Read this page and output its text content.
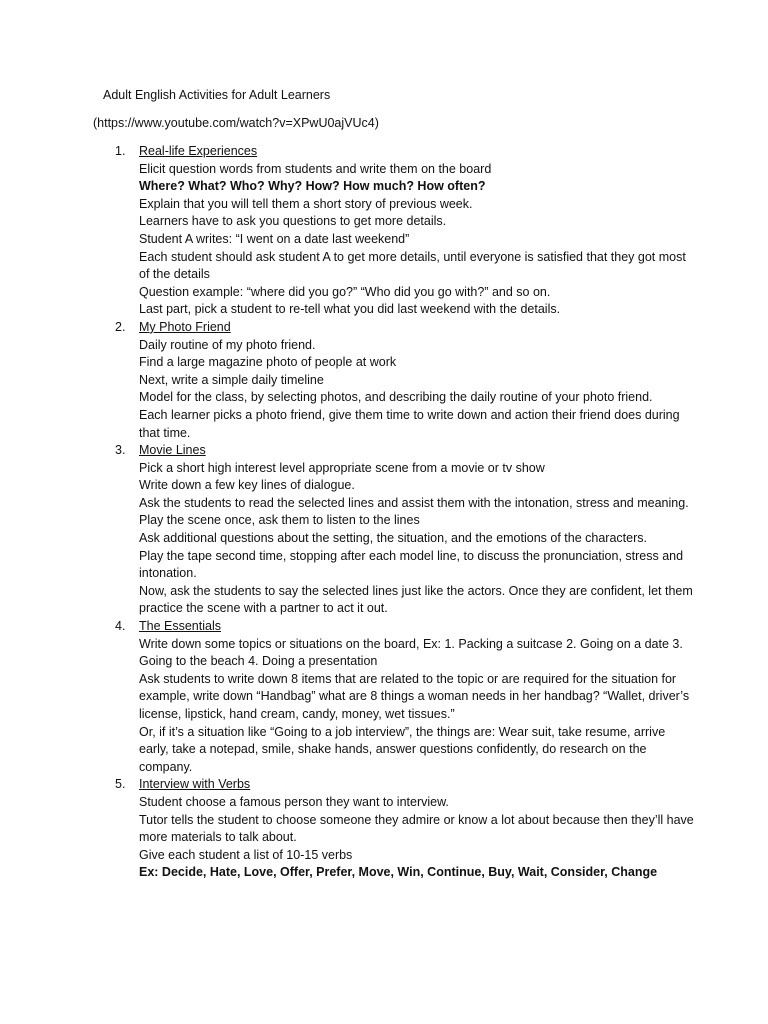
Adult English Activities for Adult Learners
(https://www.youtube.com/watch?v=XPwU0ajVUc4)
1.	Real-life Experiences
Elicit question words from students and write them on the board
Where? What? Who? Why? How? How much? How often?
Explain that you will tell them a short story of previous week.
Learners have to ask you questions to get more details.
Student A writes: “I went on a date last weekend”
Each student should ask student A to get more details, until everyone is satisfied that they got most of the details
Question example: “where did you go?” “Who did you go with?” and so on.
Last part, pick a student to re-tell what you did last weekend with the details.
2.	My Photo Friend
Daily routine of my photo friend.
Find a large magazine photo of people at work
Next, write a simple daily timeline
Model for the class, by selecting photos, and describing the daily routine of your photo friend.
Each learner picks a photo friend, give them time to write down and action their friend does during that time.
3.	Movie Lines
Pick a short high interest level appropriate scene from a movie or tv show
Write down a few key lines of dialogue.
Ask the students to read the selected lines and assist them with the intonation, stress and meaning.
Play the scene once, ask them to listen to the lines
Ask additional questions about the setting, the situation, and the emotions of the characters.
Play the tape second time, stopping after each model line, to discuss the pronunciation, stress and intonation.
Now, ask the students to say the selected lines just like the actors. Once they are confident, let them practice the scene with a partner to act it out.
4.	The Essentials
Write down some topics or situations on the board, Ex: 1. Packing a suitcase 2. Going on a date 3. Going to the beach 4. Doing a presentation
Ask students to write down 8 items that are related to the topic or are required for the situation for example, write down “Handbag” what are 8 things a woman needs in her handbag? “Wallet, driver’s license, lipstick, hand cream, candy, money, wet tissues.”
Or, if it’s a situation like “Going to a job interview”, the things are: Wear suit, take resume, arrive early, take a notepad, smile, shake hands, answer questions confidently, do research on the company.
5.	Interview with Verbs
Student choose a famous person they want to interview.
Tutor tells the student to choose someone they admire or know a lot about because then they’ll have more materials to talk about.
Give each student a list of 10-15 verbs
Ex: Decide, Hate, Love, Offer, Prefer, Move, Win, Continue, Buy, Wait, Consider, Change
